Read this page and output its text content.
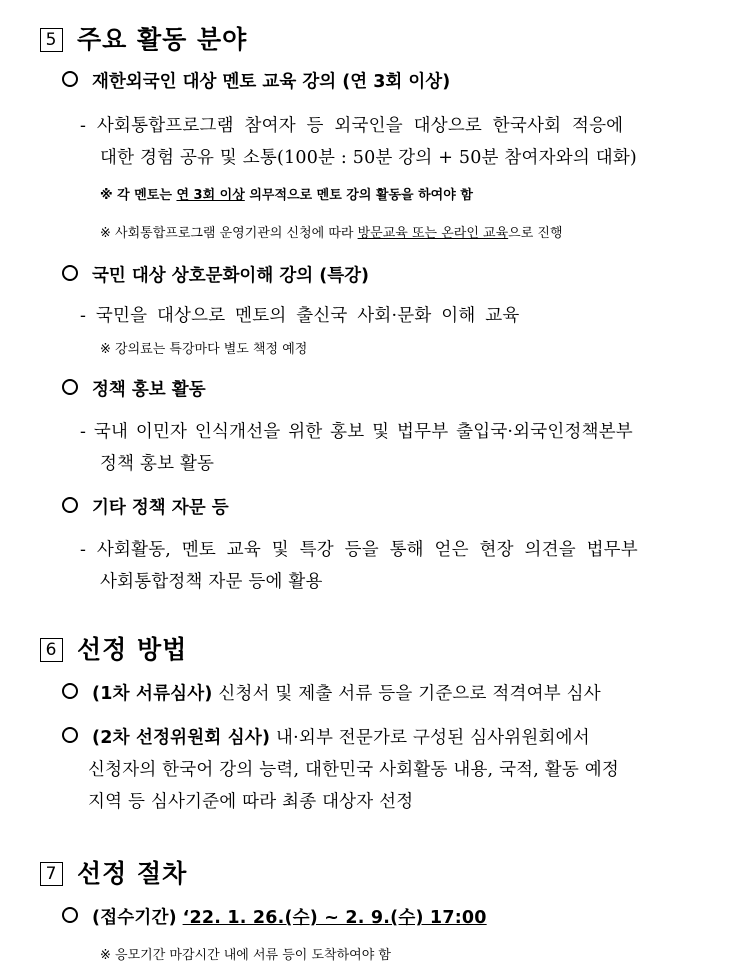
5 주요 활동 분야
재한외국인 대상 멘토 교육 강의 (연 3회 이상)
- 사회통합프로그램 참여자 등 외국인을 대상으로 한국사회 적응에
대한 경험 공유 및 소통(100분 : 50분 강의 + 50분 참여자와의 대화)
※ 각 멘토는 연 3회 이상 의무적으로 멘토 강의 활동을 하여야 함
※ 사회통합프로그램 운영기관의 신청에 따라 방문교육 또는 온라인 교육으로 진행
국민 대상 상호문화이해 강의 (특강)
- 국민을 대상으로 멘토의 출신국 사회·문화 이해 교육
※ 강의료는 특강마다 별도 책정 예정
정책 홍보 활동
- 국내 이민자 인식개선을 위한 홍보 및 법무부 출입국·외국인정책본부
정책 홍보 활동
기타 정책 자문 등
- 사회활동, 멘토 교육 및 특강 등을 통해 얻은 현장 의견을 법무부
사회통합정책 자문 등에 활용
6 선정 방법
(1차 서류심사) 신청서 및 제출 서류 등을 기준으로 적격여부 심사
(2차 선정위원회 심사) 내·외부 전문가로 구성된 심사위원회에서
신청자의 한국어 강의 능력, 대한민국 사회활동 내용, 국적, 활동 예정
지역 등 심사기준에 따라 최종 대상자 선정
7 선정 절차
(접수기간) ‘22. 1. 26.(수) ~ 2. 9.(수) 17:00
※ 응모기간 마감시간 내에 서류 등이 도착하여야 함
